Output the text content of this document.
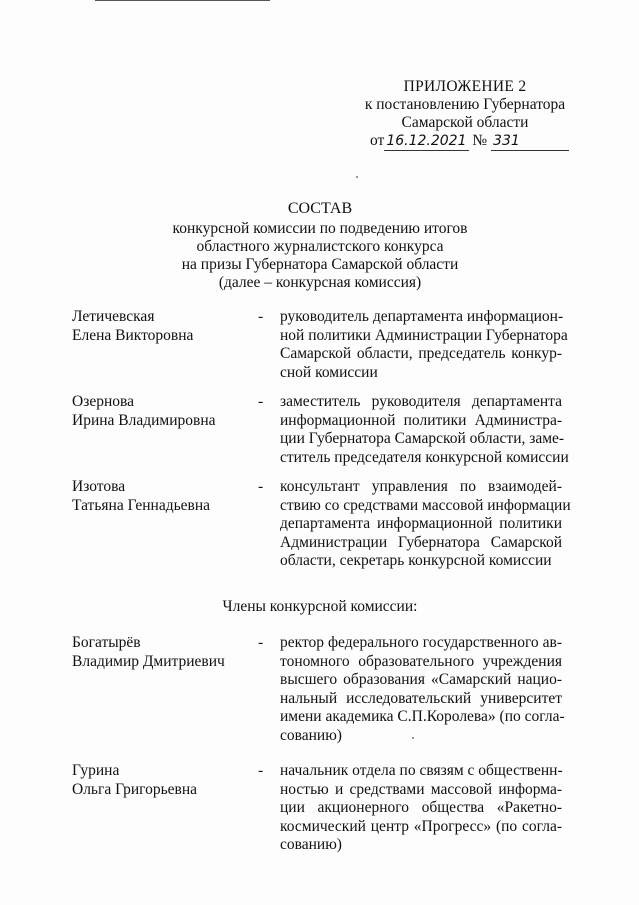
ПРИЛОЖЕНИЕ 2
к постановлению Губернатора
Самарской области
от 16.12.2021 № 331
СОСТАВ
конкурсной комиссии по подведению итогов
областного журналистского конкурса
на призы Губернатора Самарской области
(далее – конкурсная комиссия)
Летичевская
Елена Викторовна
- руководитель департамента информацион-
ной политики Администрации Губернатора
Самарской области, председатель конкур-
сной комиссии
Озернова
Ирина Владимировна
- заместитель руководителя департамента
информационной политики Администра-
ции Губернатора Самарской области, заме-
ститель председателя конкурсной комиссии
Изотова
Татьяна Геннадьевна
- консультант управления по взаимодей-
ствию со средствами массовой информации
департамента информационной политики
Администрации Губернатора Самарской
области, секретарь конкурсной комиссии
Члены конкурсной комиссии:
Богатырёв
Владимир Дмитриевич
- ректор федерального государственного ав-
тономного образовательного учреждения
высшего образования «Самарский нацио-
нальный исследовательский университет
имени академика С.П.Королева» (по согла-
сованию)
Гурина
Ольга Григорьевна
- начальник отдела по связям с общественн-
ностью и средствами массовой информа-
ции акционерного общества «Ракетно-
космический центр «Прогресс» (по согла-
сованию)
